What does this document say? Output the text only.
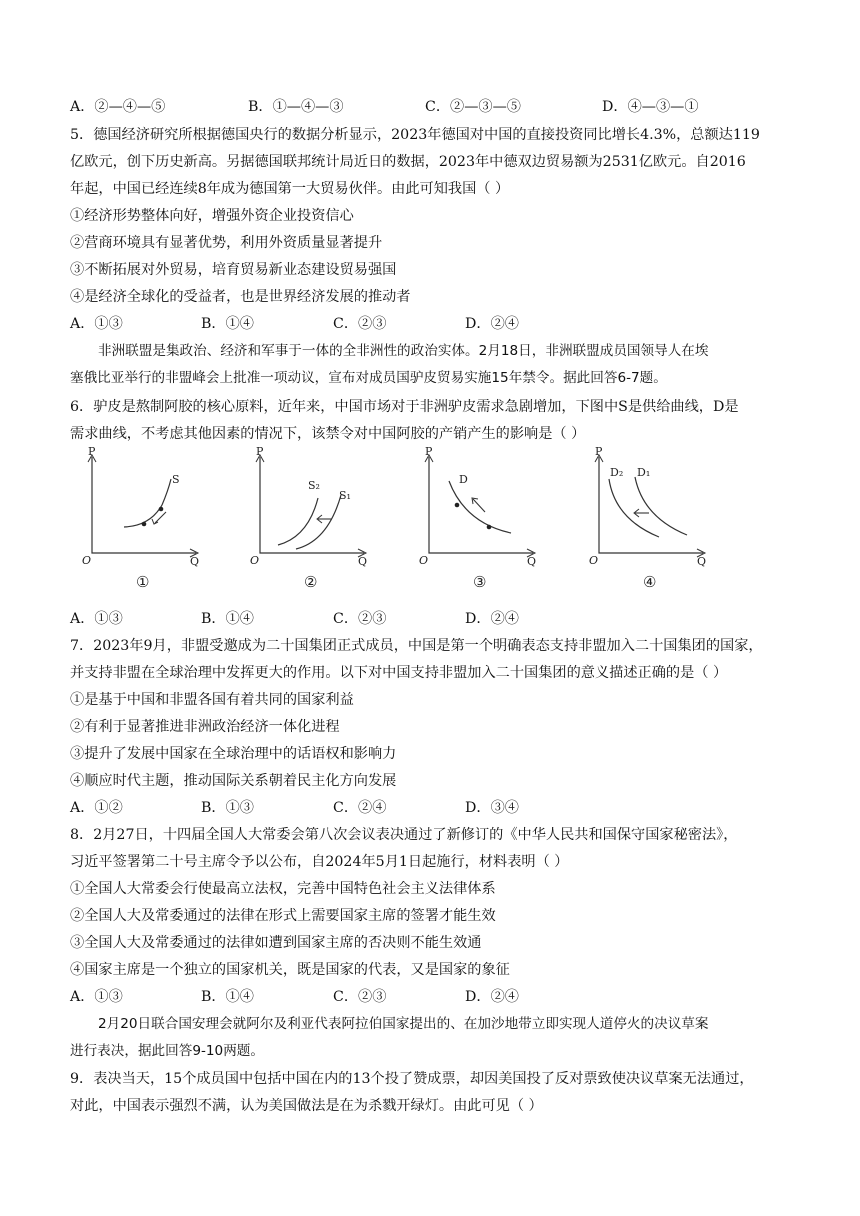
A．②—④—⑤	B．①—④—③	C．②—③—⑤	D．④—③—①
5．德国经济研究所根据德国央行的数据分析显示，2023年德国对中国的直接投资同比增长4.3%，总额达119
亿欧元，创下历史新高。另据德国联邦统计局近日的数据，2023年中德双边贸易额为2531亿欧元。自2016
年起，中国已经连续8年成为德国第一大贸易伙伴。由此可知我国（ ）
①经济形势整体向好，增强外资企业投资信心
②营商环境具有显著优势，利用外资质量显著提升
③不断拓展对外贸易，培育贸易新业态建设贸易强国
④是经济全球化的受益者，也是世界经济发展的推动者
A．①③	B．①④	C．②③	D．②④
非洲联盟是集政治、经济和军事于一体的全非洲性的政治实体。2月18日，非洲联盟成员国领导人在埃
塞俄比亚举行的非盟峰会上批准一项动议，宣布对成员国驴皮贸易实施15年禁令。据此回答6-7题。
6．驴皮是熬制阿胶的核心原料，近年来，中国市场对于非洲驴皮需求急剧增加，下图中S是供给曲线，D是
需求曲线，不考虑其他因素的情况下，该禁令对中国阿胶的产销产生的影响是（ ）
P
O	Q
S
①
P
O	Q
S₂
S₁
②
P
O	Q
D
③
P
O	Q
D₂ D₁
④
A．①③	B．①④	C．②③	D．②④
7．2023年9月，非盟受邀成为二十国集团正式成员，中国是第一个明确表态支持非盟加入二十国集团的国家，
并支持非盟在全球治理中发挥更大的作用。以下对中国支持非盟加入二十国集团的意义描述正确的是（ ）
①是基于中国和非盟各国有着共同的国家利益
②有利于显著推进非洲政治经济一体化进程
③提升了发展中国家在全球治理中的话语权和影响力
④顺应时代主题，推动国际关系朝着民主化方向发展
A．①②	B．①③	C．②④	D．③④
8．2月27日，十四届全国人大常委会第八次会议表决通过了新修订的《中华人民共和国保守国家秘密法》，
习近平签署第二十号主席令予以公布，自2024年5月1日起施行，材料表明（ ）
①全国人大常委会行使最高立法权，完善中国特色社会主义法律体系
②全国人大及常委通过的法律在形式上需要国家主席的签署才能生效
③全国人大及常委通过的法律如遭到国家主席的否决则不能生效通
④国家主席是一个独立的国家机关，既是国家的代表，又是国家的象征
A．①③	B．①④	C．②③	D．②④
2月20日联合国安理会就阿尔及利亚代表阿拉伯国家提出的、在加沙地带立即实现人道停火的决议草案
进行表决，据此回答9-10两题。
9．表决当天，15个成员国中包括中国在内的13个投了赞成票，却因美国投了反对票致使决议草案无法通过，
对此，中国表示强烈不满，认为美国做法是在为杀戮开绿灯。由此可见（ ）
